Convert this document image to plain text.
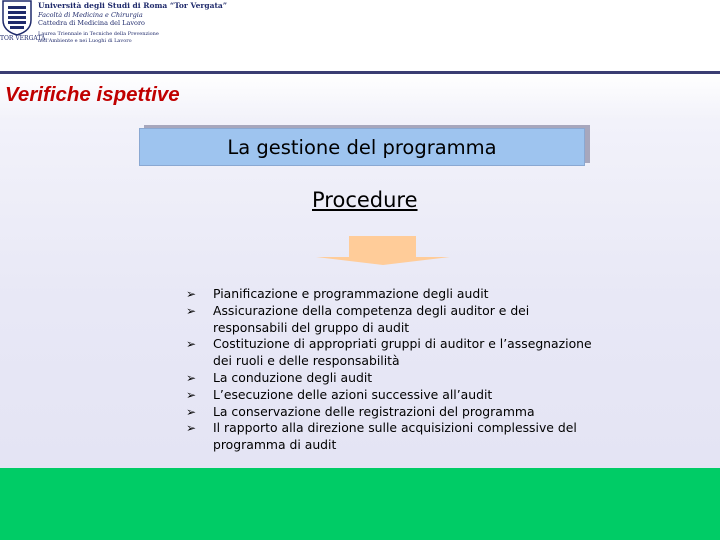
TOR VERGATA
Università degli Studi di Roma “Tor Vergata”
Facoltà di Medicina e Chirurgia
Cattedra di Medicina del Lavoro
Laurea Triennale in Tecniche della Prevenzione
nell'Ambiente e nei Luoghi di Lavoro
Verifiche ispettive
La gestione del programma
Procedure
➢ Pianificazione e programmazione degli audit
➢ Assicurazione della competenza degli auditor e dei responsabili del gruppo di audit
➢ Costituzione di appropriati gruppi di auditor e l’assegnazione dei ruoli e delle responsabilità
➢ La conduzione degli audit
➢ L’esecuzione delle azioni successive all’audit
➢ La conservazione delle registrazioni del programma
➢ Il rapporto alla direzione sulle acquisizioni complessive del programma di audit
